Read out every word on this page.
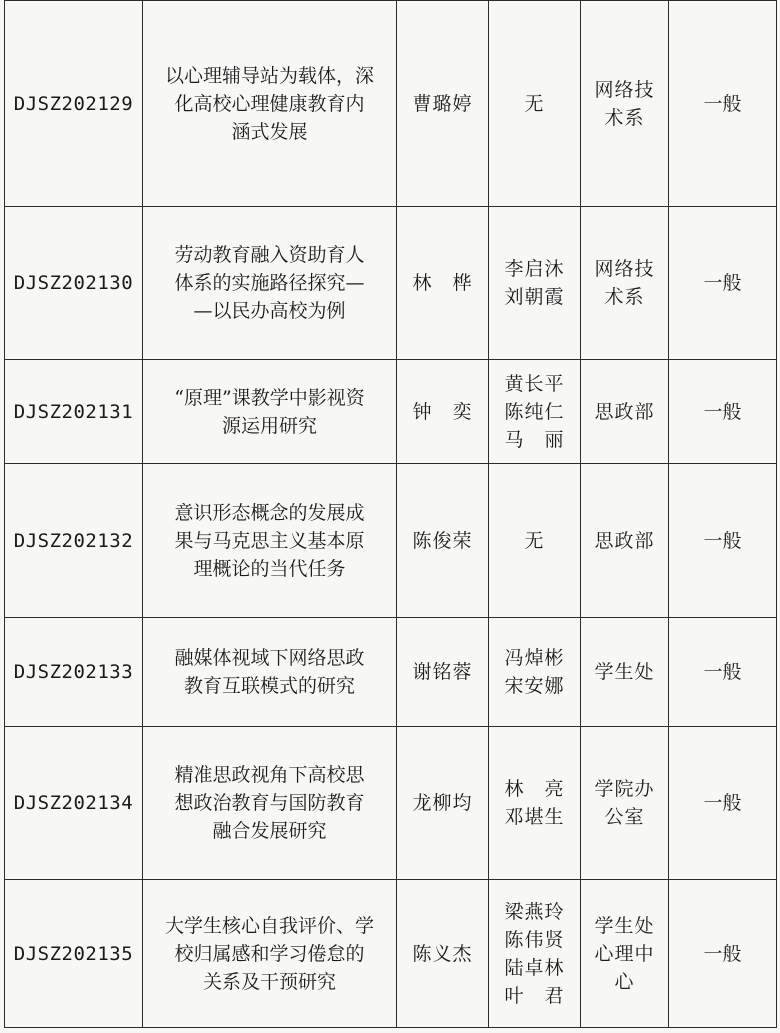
DJSZ202129	以心理辅导站为载体，深
化高校心理健康教育内
涵式发展	曹璐婷	无	网络技
术系	一般
DJSZ202130	劳动教育融入资助育人
体系的实施路径探究—
—以民办高校为例	林　桦	李启沐
刘朝霞	网络技
术系	一般
DJSZ202131	“原理”课教学中影视资
源运用研究	钟　奕	黄长平
陈纯仁
马　丽	思政部	一般
DJSZ202132	意识形态概念的发展成
果与马克思主义基本原
理概论的当代任务	陈俊荣	无	思政部	一般
DJSZ202133	融媒体视域下网络思政
教育互联模式的研究	谢铭蓉	冯焯彬
宋安娜	学生处	一般
DJSZ202134	精准思政视角下高校思
想政治教育与国防教育
融合发展研究	龙柳均	林　亮
邓堪生	学院办
公室	一般
DJSZ202135	大学生核心自我评价、学
校归属感和学习倦怠的
关系及干预研究	陈义杰	梁燕玲
陈伟贤
陆卓林
叶　君	学生处
心理中
心	一般
